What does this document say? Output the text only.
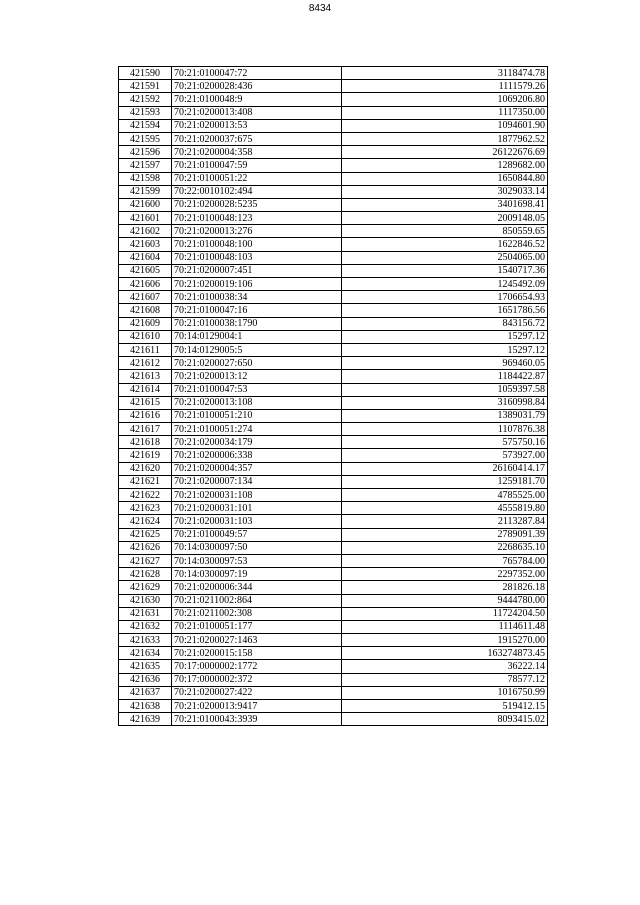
8434
421590	70:21:0100047:72	3118474.78
421591	70:21:0200028:436	1111579.26
421592	70:21:0100048:9	1069206.80
421593	70:21:0200013:408	1117350.00
421594	70:21:0200013:53	1094601.90
421595	70:21:0200037:675	1877962.52
421596	70:21:0200004:358	26122676.69
421597	70:21:0100047:59	1289682.00
421598	70:21:0100051:22	1650844.80
421599	70:22:0010102:494	3029033.14
421600	70:21:0200028:5235	3401698.41
421601	70:21:0100048:123	2009148.05
421602	70:21:0200013:276	850559.65
421603	70:21:0100048:100	1622846.52
421604	70:21:0100048:103	2504065.00
421605	70:21:0200007:451	1540717.36
421606	70:21:0200019:106	1245492.09
421607	70:21:0100038:34	1706654.93
421608	70:21:0100047:16	1651786.56
421609	70:21:0100038:1790	843156.72
421610	70:14:0129004:1	15297.12
421611	70:14:0129005:5	15297.12
421612	70:21:0200027:650	969460.05
421613	70:21:0200013:12	1184422.87
421614	70:21:0100047:53	1059397.58
421615	70:21:0200013:108	3160998.84
421616	70:21:0100051:210	1389031.79
421617	70:21:0100051:274	1107876.38
421618	70:21:0200034:179	575750.16
421619	70:21:0200006:338	573927.00
421620	70:21:0200004:357	26160414.17
421621	70:21:0200007:134	1259181.70
421622	70:21:0200031:108	4785525.00
421623	70:21:0200031:101	4555819.80
421624	70:21:0200031:103	2113287.84
421625	70:21:0100049:57	2789091.39
421626	70:14:0300097:50	2268635.10
421627	70:14:0300097:53	765784.00
421628	70:14:0300097:19	2297352.00
421629	70:21:0200006:344	281826.18
421630	70:21:0211002:864	9444780.00
421631	70:21:0211002:308	11724204.50
421632	70:21:0100051:177	1114611.48
421633	70:21:0200027:1463	1915270.00
421634	70:21:0200015:158	163274873.45
421635	70:17:0000002:1772	36222.14
421636	70:17:0000002:372	78577.12
421637	70:21:0200027:422	1016750.99
421638	70:21:0200013:9417	519412.15
421639	70:21:0100043:3939	8093415.02
